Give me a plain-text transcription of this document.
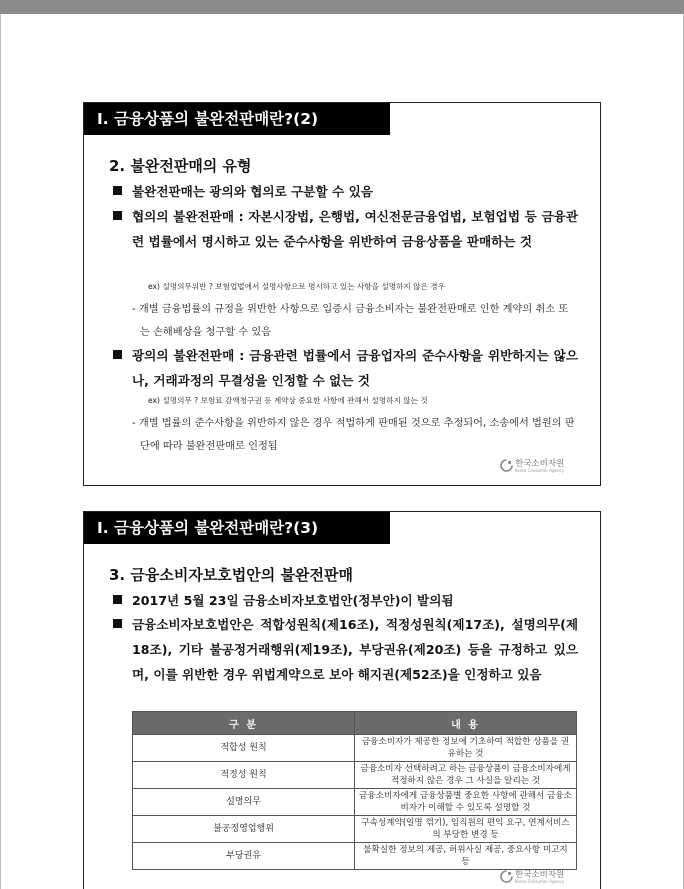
Ⅰ. 금융상품의 불완전판매란?(2)
2. 불완전판매의 유형
불완전판매는 광의와 협의로 구분할 수 있음
협의의 불완전판매 : 자본시장법, 은행법, 여신전문금융업법, 보험업법 등 금융관련 법률에서 명시하고 있는 준수사항을 위반하여 금융상품을 판매하는 것
ex) 설명의무위반 ? 보험업법에서 설명사항으로 명시하고 있는 사항을 설명하지 않은 경우
- 개별 금융법률의 규정을 위반한 사항으로 입증시 금융소비자는 불완전판매로 인한 계약의 취소 또는 손해배상을 청구할 수 있음
광의의 불완전판매 : 금융관련 법률에서 금융업자의 준수사항을 위반하지는 않으나, 거래과정의 무결성을 인정할 수 없는 것
ex) 설명의무 ? 보험료 감액청구권 등 계약상 중요한 사항에 관해서 설명하지 않는 것
- 개별 법률의 준수사항을 위반하지 않은 경우 적법하게 판매된 것으로 추정되어, 소송에서 법원의 판단에 따라 불완전판매로 인정됨
한국소비자원
Korea Consumer Agency
Ⅰ. 금융상품의 불완전판매란?(3)
3. 금융소비자보호법안의 불완전판매
2017년 5월 23일 금융소비자보호법안(정부안)이 발의됨
금융소비자보호법안은 적합성원칙(제16조), 적정성원칙(제17조), 설명의무(제18조), 기타 불공정거래행위(제19조), 부당권유(제20조) 등을 규정하고 있으며, 이를 위반한 경우 위법계약으로 보아 해지권(제52조)을 인정하고 있음
구 분	내 용
적합성 원칙	금융소비자가 제공한 정보에 기초하여 적합한 상품을 권유하는 것
적정성 원칙	금융소비자 선택하려고 하는 금융상품이 금융소비자에게 적정하지 않은 경우 그 사실을 알리는 것
설명의무	금융소비자에게 금융상품별 중요한 사항에 관해서 금융소비자가 이해할 수 있도록 설명할 것
불공정영업행위	구속성계약(일명 꺾기), 임직원의 편익 요구, 연계서비스의 부당한 변경 등
부당권유	불확실한 정보의 제공, 허위사실 제공, 중요사항 미고지 등
한국소비자원
Korea Consumer Agency
